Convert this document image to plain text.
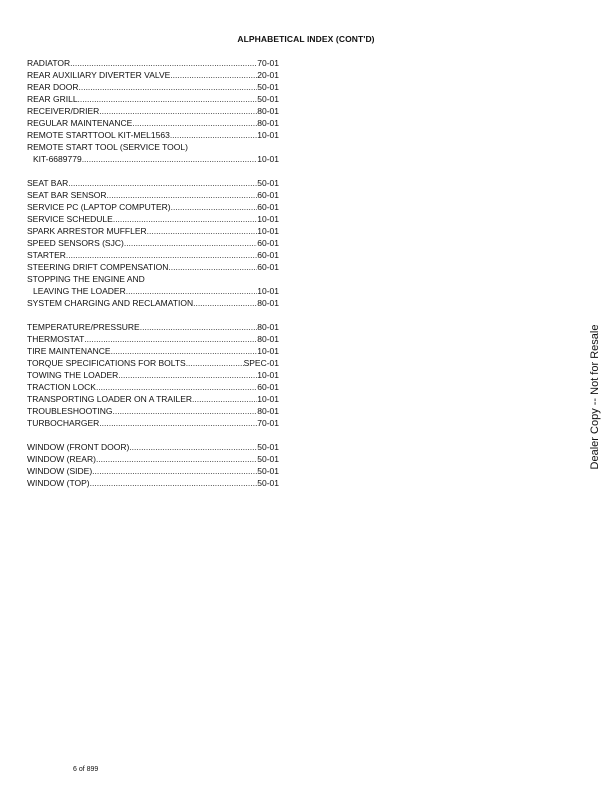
ALPHABETICAL INDEX (CONT'D)
RADIATOR .....	70-01
REAR AUXILIARY DIVERTER VALVE .....	20-01
REAR DOOR .....	50-01
REAR GRILL .....	50-01
RECEIVER/DRIER .....	80-01
REGULAR MAINTENANCE .....	80-01
REMOTE STARTTOOL KIT-MEL1563 .....	10-01
REMOTE START TOOL (SERVICE TOOL)
KIT-6689779 .....	10-01
SEAT BAR .....	50-01
SEAT BAR SENSOR .....	60-01
SERVICE PC (LAPTOP COMPUTER) .....	60-01
SERVICE SCHEDULE .....	10-01
SPARK ARRESTOR MUFFLER .....	10-01
SPEED SENSORS (SJC) .....	60-01
STARTER .....	60-01
STEERING DRIFT COMPENSATION .....	60-01
STOPPING THE ENGINE AND
LEAVING THE LOADER .....	10-01
SYSTEM CHARGING AND RECLAMATION .....	80-01
TEMPERATURE/PRESSURE .....	80-01
THERMOSTAT .....	80-01
TIRE MAINTENANCE .....	10-01
TORQUE SPECIFICATIONS FOR BOLTS .....	SPEC-01
TOWING THE LOADER .....	10-01
TRACTION LOCK .....	60-01
TRANSPORTING LOADER ON A TRAILER .....	10-01
TROUBLESHOOTING .....	80-01
TURBOCHARGER .....	70-01
WINDOW (FRONT DOOR) .....	50-01
WINDOW (REAR) .....	50-01
WINDOW (SIDE) .....	50-01
WINDOW (TOP) .....	50-01
Dealer Copy -- Not for Resale
6 of 899
